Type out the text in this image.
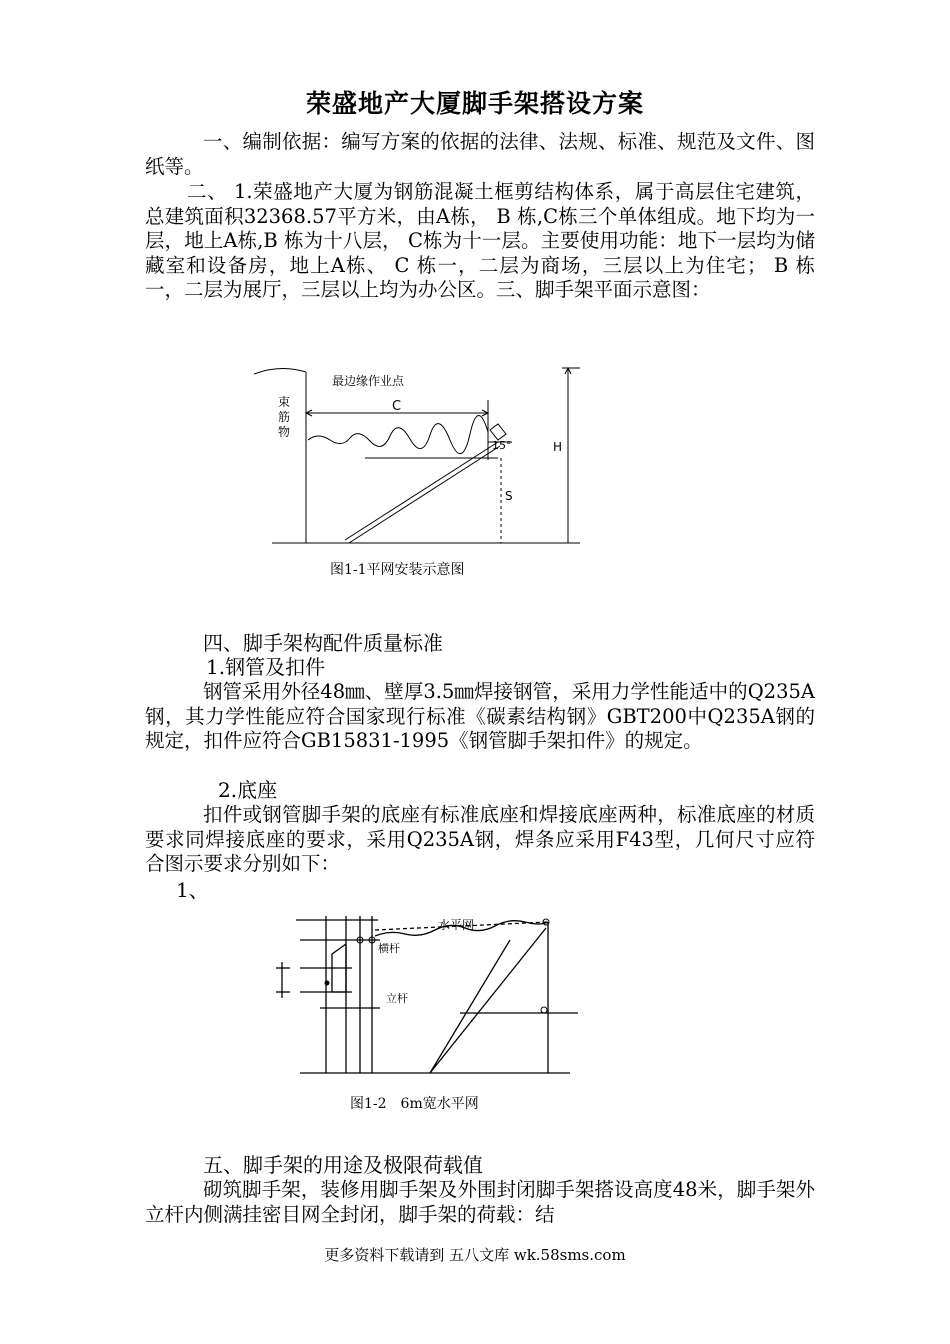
荣盛地产大厦脚手架搭设方案
一、编制依据：编写方案的依据的法律、法规、标准、规范及文件、图纸等。
二、 1.荣盛地产大厦为钢筋混凝土框剪结构体系，属于高层住宅建筑，总建筑面积32368.57平方米，由A栋， B 栋,C栋三个单体组成。地下均为一层，地上A栋,B 栋为十八层， C栋为十一层。主要使用功能：地下一层均为储藏室和设备房，地上A栋、 C 栋一，二层为商场，三层以上为住宅； B 栋一，二层为展厅，三层以上均为办公区。三、脚手架平面示意图：
最边缘作业点
束
筋
物
C
15°	H
S
图1-1平网安装示意图
四、脚手架构配件质量标准
1.钢管及扣件
钢管采用外径48㎜、壁厚3.5㎜焊接钢管，采用力学性能适中的Q235A钢，其力学性能应符合国家现行标准《碳素结构钢》GBT200中Q235A钢的规定，扣件应符合GB15831-1995《钢管脚手架扣件》的规定。
2.底座
扣件或钢管脚手架的底座有标准底座和焊接底座两种，标准底座的材质要求同焊接底座的要求，采用Q235A钢，焊条应采用F43型，几何尺寸应符合图示要求分别如下：
1、
水平网
横杆
立杆
图1-2　6m宽水平网
五、脚手架的用途及极限荷载值
砌筑脚手架，装修用脚手架及外围封闭脚手架搭设高度48米，脚手架外立杆内侧满挂密目网全封闭，脚手架的荷载：结
更多资料下载请到 五八文库 wk.58sms.com
